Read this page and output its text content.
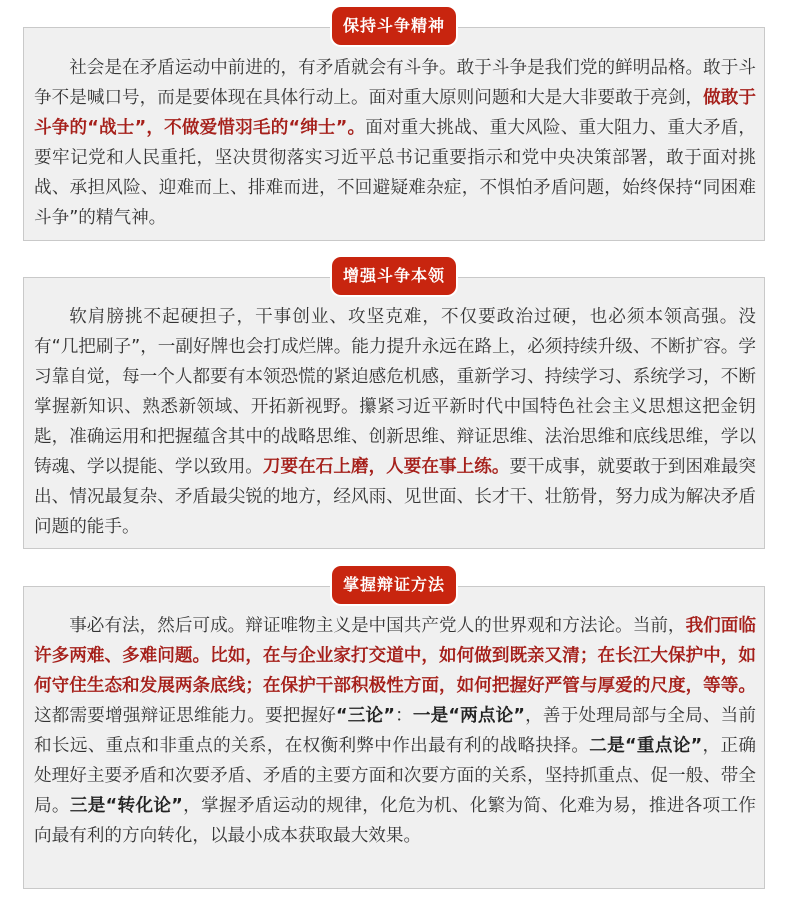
保持斗争精神

社会是在矛盾运动中前进的，有矛盾就会有斗争。敢于斗争是我们党的鲜明品格。敢于斗争不是喊口号，而是要体现在具体行动上。面对重大原则问题和大是大非要敢于亮剑，做敢于斗争的“战士”，不做爱惜羽毛的“绅士”。面对重大挑战、重大风险、重大阻力、重大矛盾，要牢记党和人民重托，坚决贯彻落实习近平总书记重要指示和党中央决策部署，敢于面对挑战、承担风险、迎难而上、排难而进，不回避疑难杂症，不惧怕矛盾问题，始终保持“同困难斗争”的精气神。

增强斗争本领

软肩膀挑不起硬担子，干事创业、攻坚克难，不仅要政治过硬，也必须本领高强。没有“几把刷子”，一副好牌也会打成烂牌。能力提升永远在路上，必须持续升级、不断扩容。学习靠自觉，每一个人都要有本领恐慌的紧迫感危机感，重新学习、持续学习、系统学习，不断掌握新知识、熟悉新领域、开拓新视野。攥紧习近平新时代中国特色社会主义思想这把金钥匙，准确运用和把握蕴含其中的战略思维、创新思维、辩证思维、法治思维和底线思维，学以铸魂、学以提能、学以致用。刀要在石上磨，人要在事上练。要干成事，就要敢于到困难最突出、情况最复杂、矛盾最尖锐的地方，经风雨、见世面、长才干、壮筋骨，努力成为解决矛盾问题的能手。

掌握辩证方法

事必有法，然后可成。辩证唯物主义是中国共产党人的世界观和方法论。当前，我们面临许多两难、多难问题。比如，在与企业家打交道中，如何做到既亲又清；在长江大保护中，如何守住生态和发展两条底线；在保护干部积极性方面，如何把握好严管与厚爱的尺度，等等。这都需要增强辩证思维能力。要把握好“三论”：一是“两点论”，善于处理局部与全局、当前和长远、重点和非重点的关系，在权衡利弊中作出最有利的战略抉择。二是“重点论”，正确处理好主要矛盾和次要矛盾、矛盾的主要方面和次要方面的关系，坚持抓重点、促一般、带全局。三是“转化论”，掌握矛盾运动的规律，化危为机、化繁为简、化难为易，推进各项工作向最有利的方向转化，以最小成本获取最大效果。
